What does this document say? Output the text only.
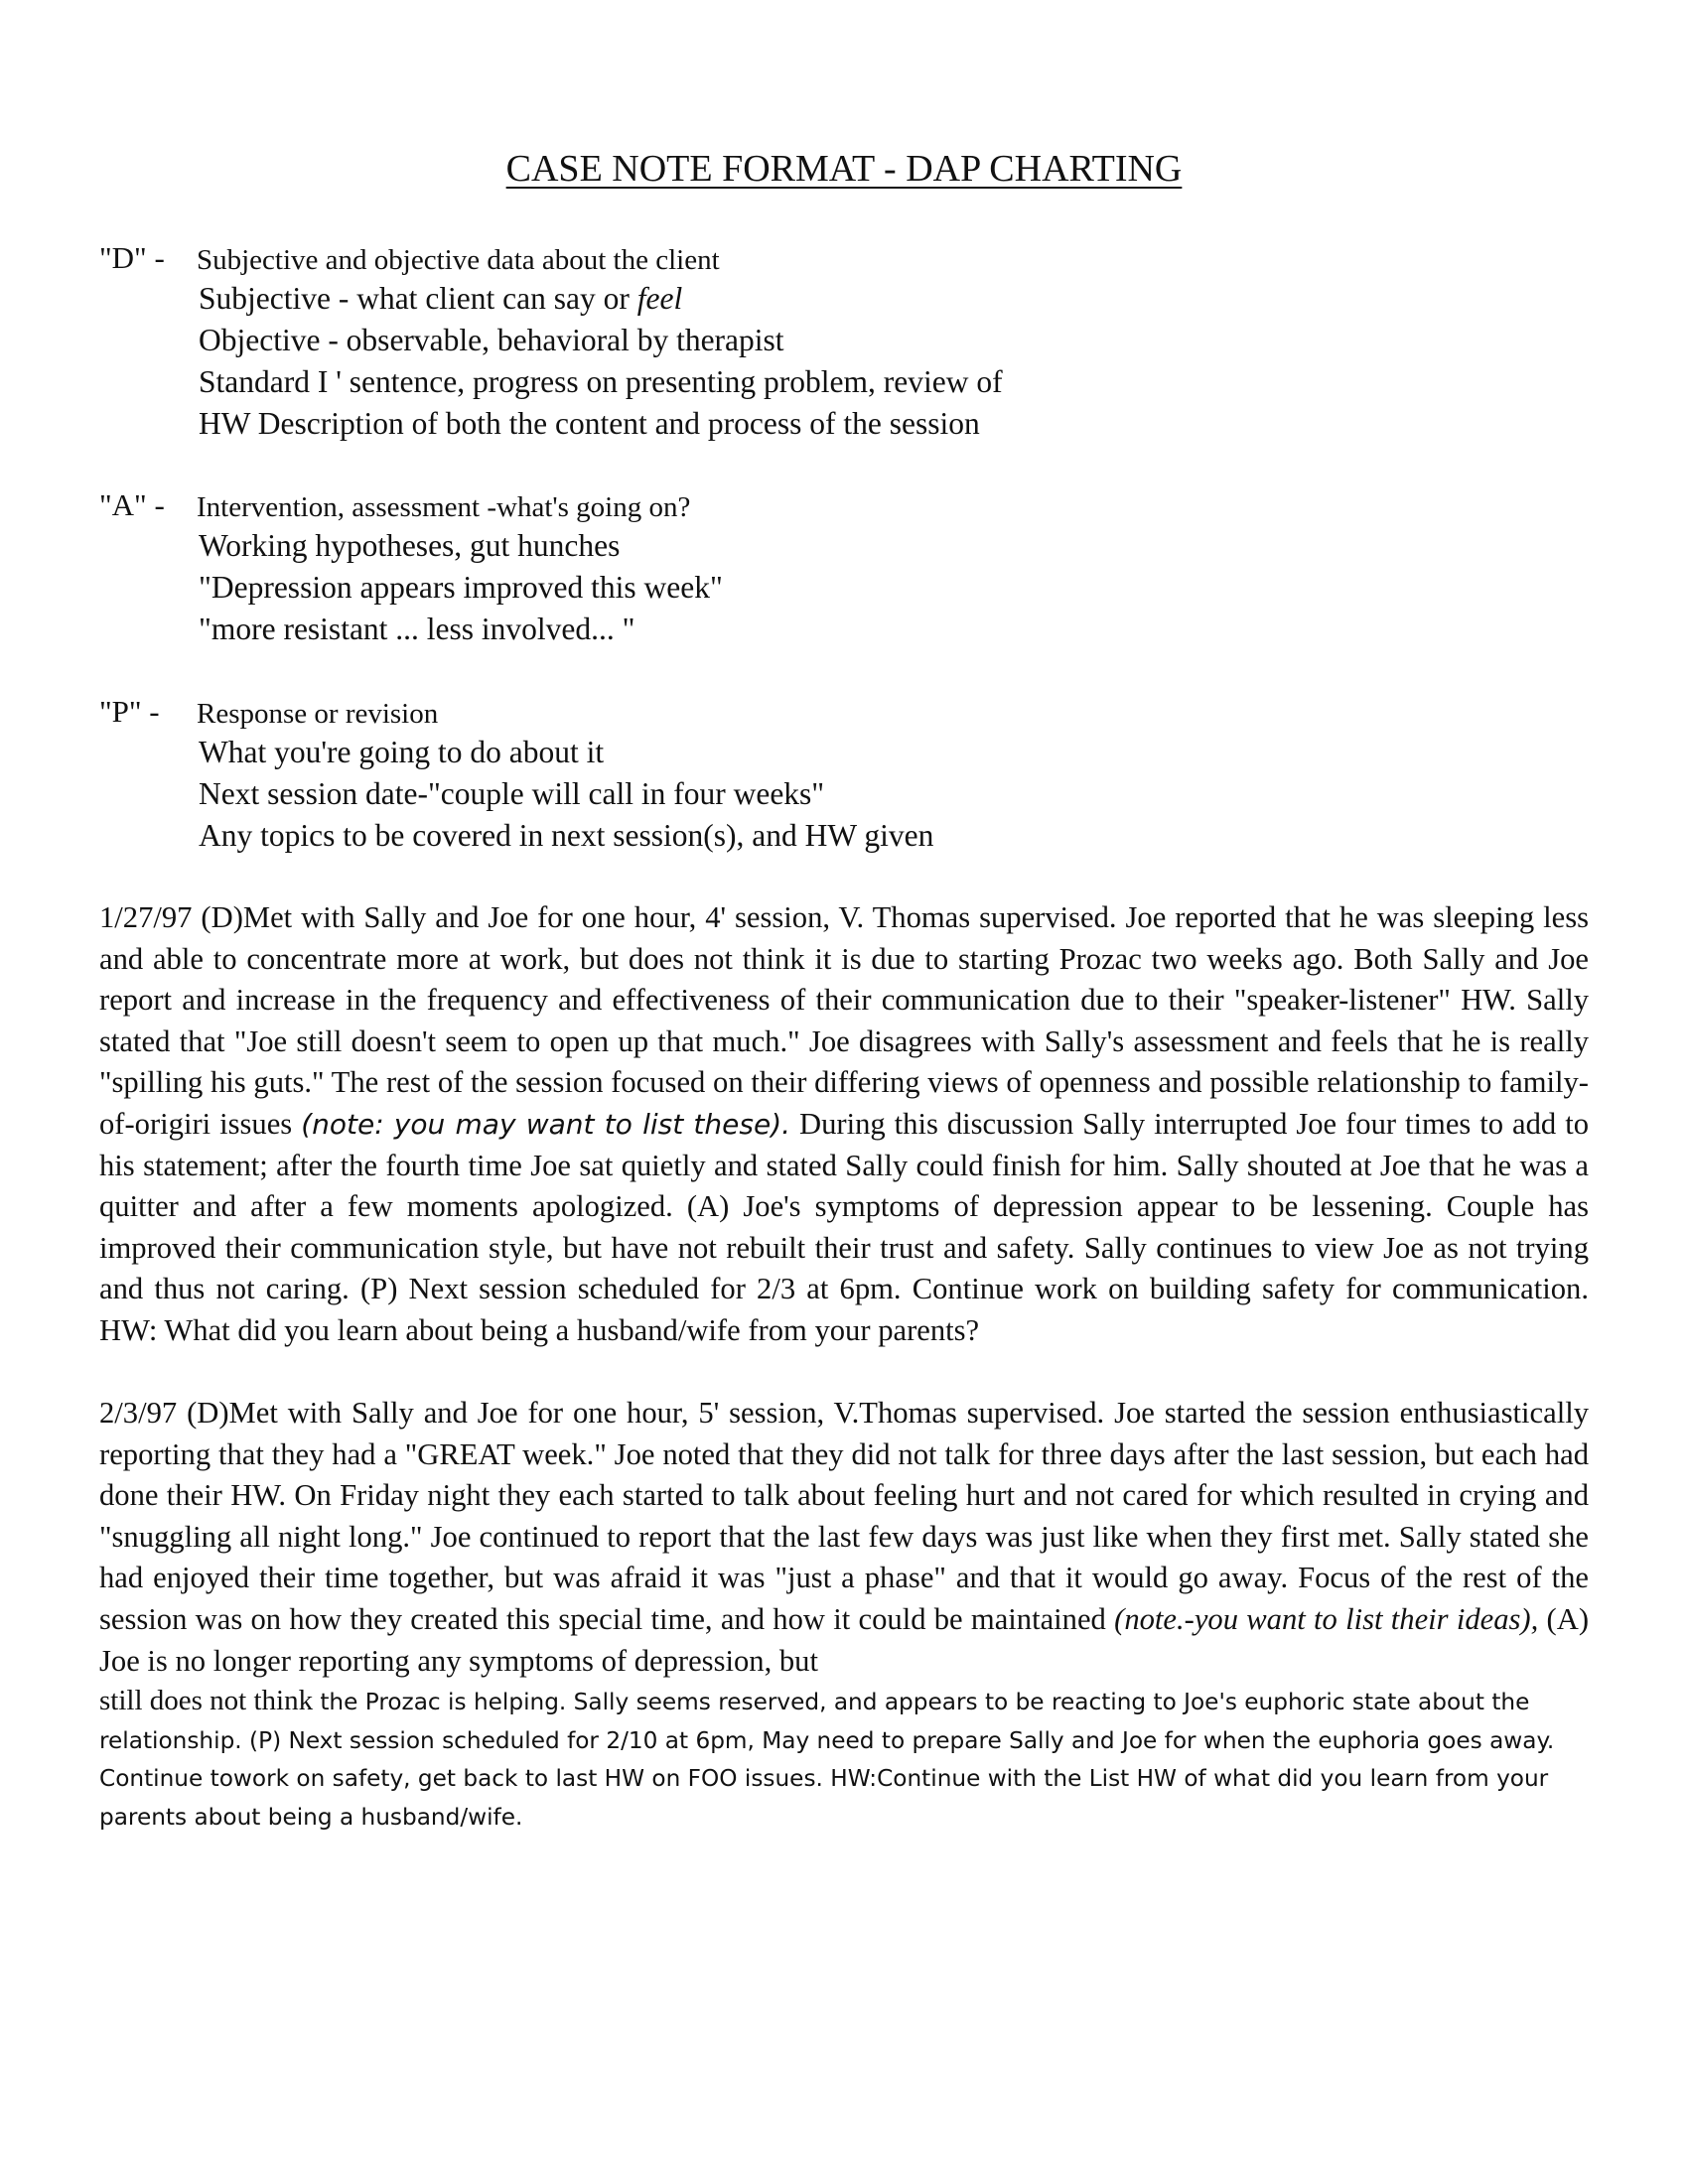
CASE NOTE FORMAT - DAP CHARTING
"D" - Subjective and objective data about the client
Subjective - what client can say or feel
Objective - observable, behavioral by therapist
Standard I ' sentence, progress on presenting problem, review of
HW Description of both the content and process of the session
"A" - Intervention, assessment -what's going on?
Working hypotheses, gut hunches
"Depression appears improved this week"
"more resistant ... less involved... "
"P" - Response or revision
What you're going to do about it
Next session date-"couple will call in four weeks"
Any topics to be covered in next session(s), and HW given
1/27/97 (D)Met with Sally and Joe for one hour, 4' session, V. Thomas supervised. Joe reported that he was sleeping less and able to concentrate more at work, but does not think it is due to starting Prozac two weeks ago. Both Sally and Joe report and increase in the frequency and effectiveness of their communication due to their "speaker-listener" HW. Sally stated that "Joe still doesn't seem to open up that much." Joe disagrees with Sally's assessment and feels that he is really "spilling his guts." The rest of the session focused on their differing views of openness and possible relationship to family-of-origiri issues (note: you may want to list these). During this discussion Sally interrupted Joe four times to add to his statement; after the fourth time Joe sat quietly and stated Sally could finish for him. Sally shouted at Joe that he was a quitter and after a few moments apologized. (A) Joe's symptoms of depression appear to be lessening. Couple has improved their communication style, but have not rebuilt their trust and safety. Sally continues to view Joe as not trying and thus not caring. (P) Next session scheduled for 2/3 at 6pm. Continue work on building safety for communication. HW: What did you learn about being a husband/wife from your parents?
2/3/97 (D)Met with Sally and Joe for one hour, 5' session, V.Thomas supervised. Joe started the session enthusiastically reporting that they had a "GREAT week." Joe noted that they did not talk for three days after the last session, but each had done their HW. On Friday night they each started to talk about feeling hurt and not cared for which resulted in crying and "snuggling all night long." Joe continued to report that the last few days was just like when they first met. Sally stated she had enjoyed their time together, but was afraid it was "just a phase" and that it would go away. Focus of the rest of the session was on how they created this special time, and how it could be maintained (note.-you want to list their ideas), (A) Joe is no longer reporting any symptoms of depression, but
still does not think the Prozac is helping. Sally seems reserved, and appears to be reacting to Joe's euphoric state about the
relationship. (P) Next session scheduled for 2/10 at 6pm, May need to prepare Sally and Joe for when the euphoria goes away.
Continue towork on safety, get back to last HW on FOO issues. HW:Continue with the List HW of what did you learn from your
parents about being a husband/wife.
